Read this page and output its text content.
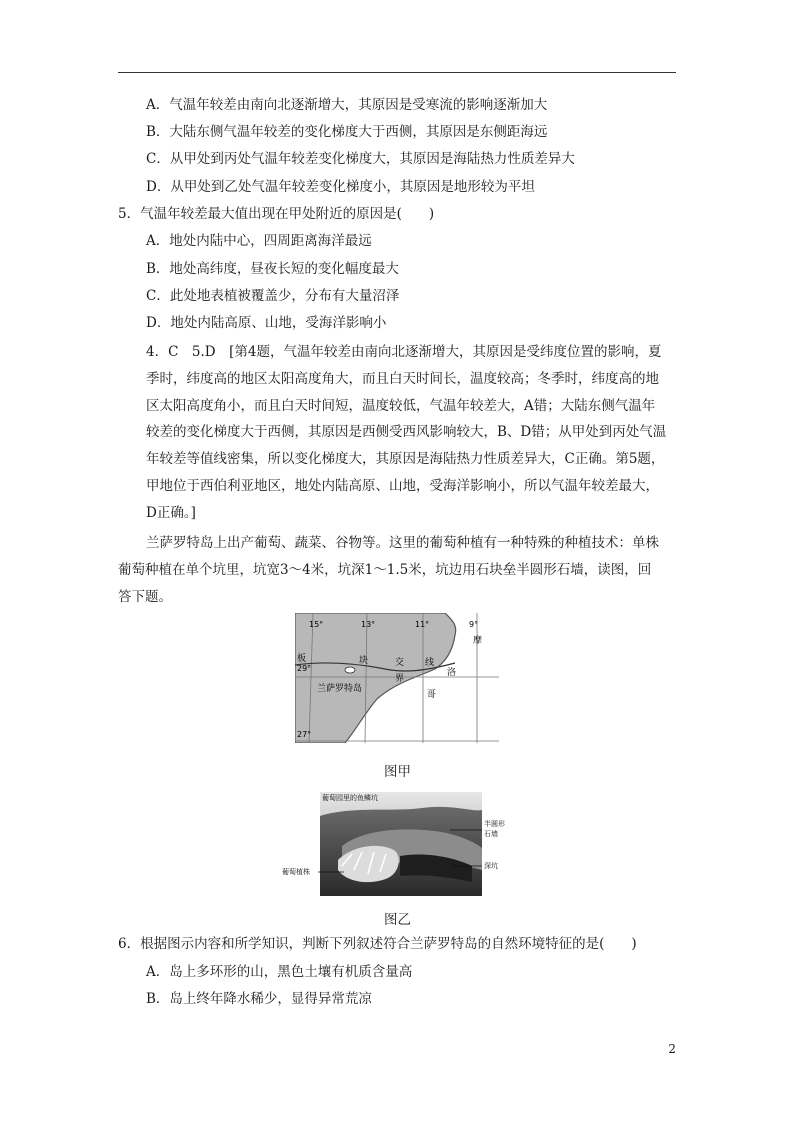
A．气温年较差由南向北逐渐增大，其原因是受寒流的影响逐渐加大
B．大陆东侧气温年较差的变化梯度大于西侧，其原因是东侧距海远
C．从甲处到丙处气温年较差变化梯度大，其原因是海陆热力性质差异大
D．从甲处到乙处气温年较差变化梯度小，其原因是地形较为平坦
5．气温年较差最大值出现在甲处附近的原因是(　　)
A．地处内陆中心，四周距离海洋最远
B．地处高纬度，昼夜长短的变化幅度最大
C．此处地表植被覆盖少，分布有大量沼泽
D．地处内陆高原、山地，受海洋影响小
4．C　5.D　[第4题，气温年较差由南向北逐渐增大，其原因是受纬度位置的影响，夏
季时，纬度高的地区太阳高度角大，而且白天时间长，温度较高；冬季时，纬度高的地
区太阳高度角小，而且白天时间短，温度较低，气温年较差大，A错；大陆东侧气温年
较差的变化梯度大于西侧，其原因是西侧受西风影响较大，B、D错；从甲处到丙处气温
年较差等值线密集，所以变化梯度大，其原因是海陆热力性质差异大，C正确。第5题，
甲地位于西伯利亚地区，地处内陆高原、山地，受海洋影响小，所以气温年较差最大，
D正确。]
兰萨罗特岛上出产葡萄、蔬菜、谷物等。这里的葡萄种植有一种特殊的种植技术：单株
葡萄种植在单个坑里，坑宽3～4米，坑深1～1.5米，坑边用石块垒半圆形石墙，读图，回
答下题。
15°	13°	11°	9°
29°
27°
板	块	交
界
线
摩
洛
哥
兰萨罗特岛
图甲
葡萄园里的鱼鳞坑
半圆形
石墙
深坑
葡萄植株
图乙
6．根据图示内容和所学知识，判断下列叙述符合兰萨罗特岛的自然环境特征的是(　　)
A．岛上多环形的山，黑色土壤有机质含量高
B．岛上终年降水稀少，显得异常荒凉
2
